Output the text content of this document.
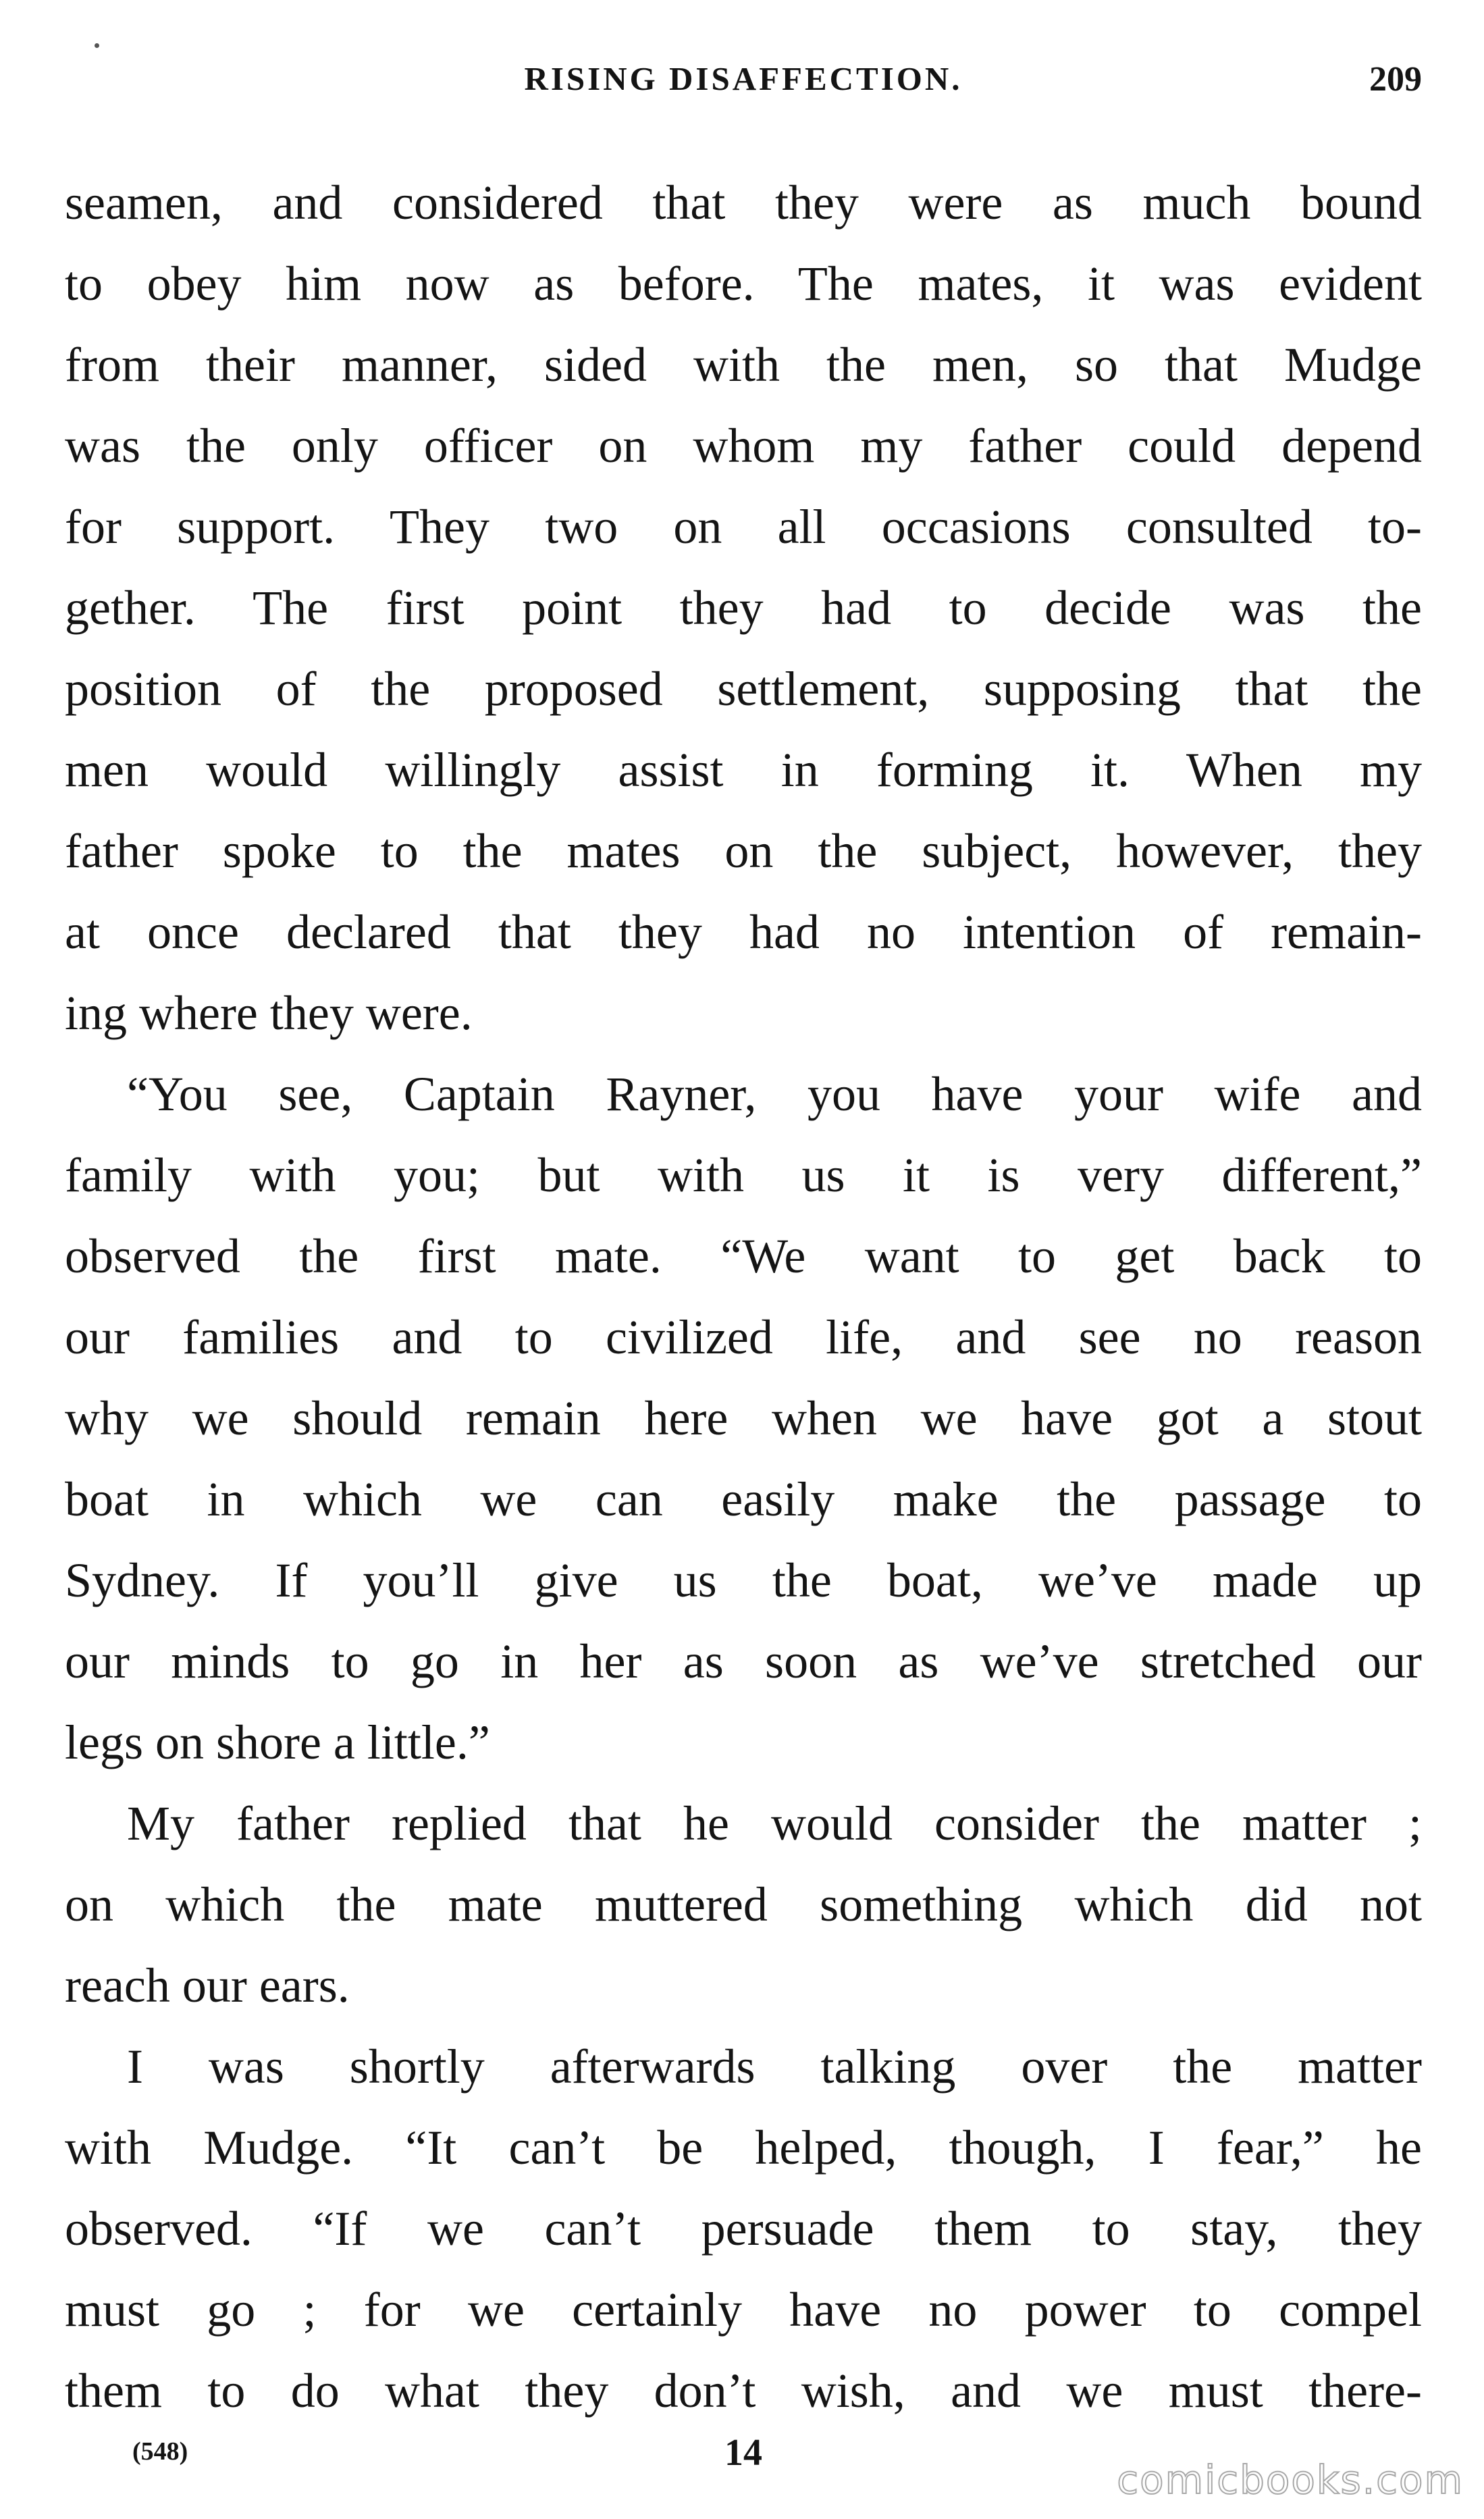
RISING DISAFFECTION.	209

seamen, and considered that they were as much bound
to obey him now as before. The mates, it was evident
from their manner, sided with the men, so that Mudge
was the only officer on whom my father could depend
for support. They two on all occasions consulted to-
gether. The first point they had to decide was the
position of the proposed settlement, supposing that the
men would willingly assist in forming it. When my
father spoke to the mates on the subject, however, they
at once declared that they had no intention of remain-
ing where they were.

“You see, Captain Rayner, you have your wife and
family with you; but with us it is very different,”
observed the first mate. “We want to get back to
our families and to civilized life, and see no reason
why we should remain here when we have got a stout
boat in which we can easily make the passage to
Sydney. If you’ll give us the boat, we’ve made up
our minds to go in her as soon as we’ve stretched our
legs on shore a little.”

My father replied that he would consider the matter ;
on which the mate muttered something which did not
reach our ears.

I was shortly afterwards talking over the matter
with Mudge. “It can’t be helped, though, I fear,” he
observed. “If we can’t persuade them to stay, they
must go ; for we certainly have no power to compel
them to do what they don’t wish, and we must there-

(548)	14
comicbooks.com
